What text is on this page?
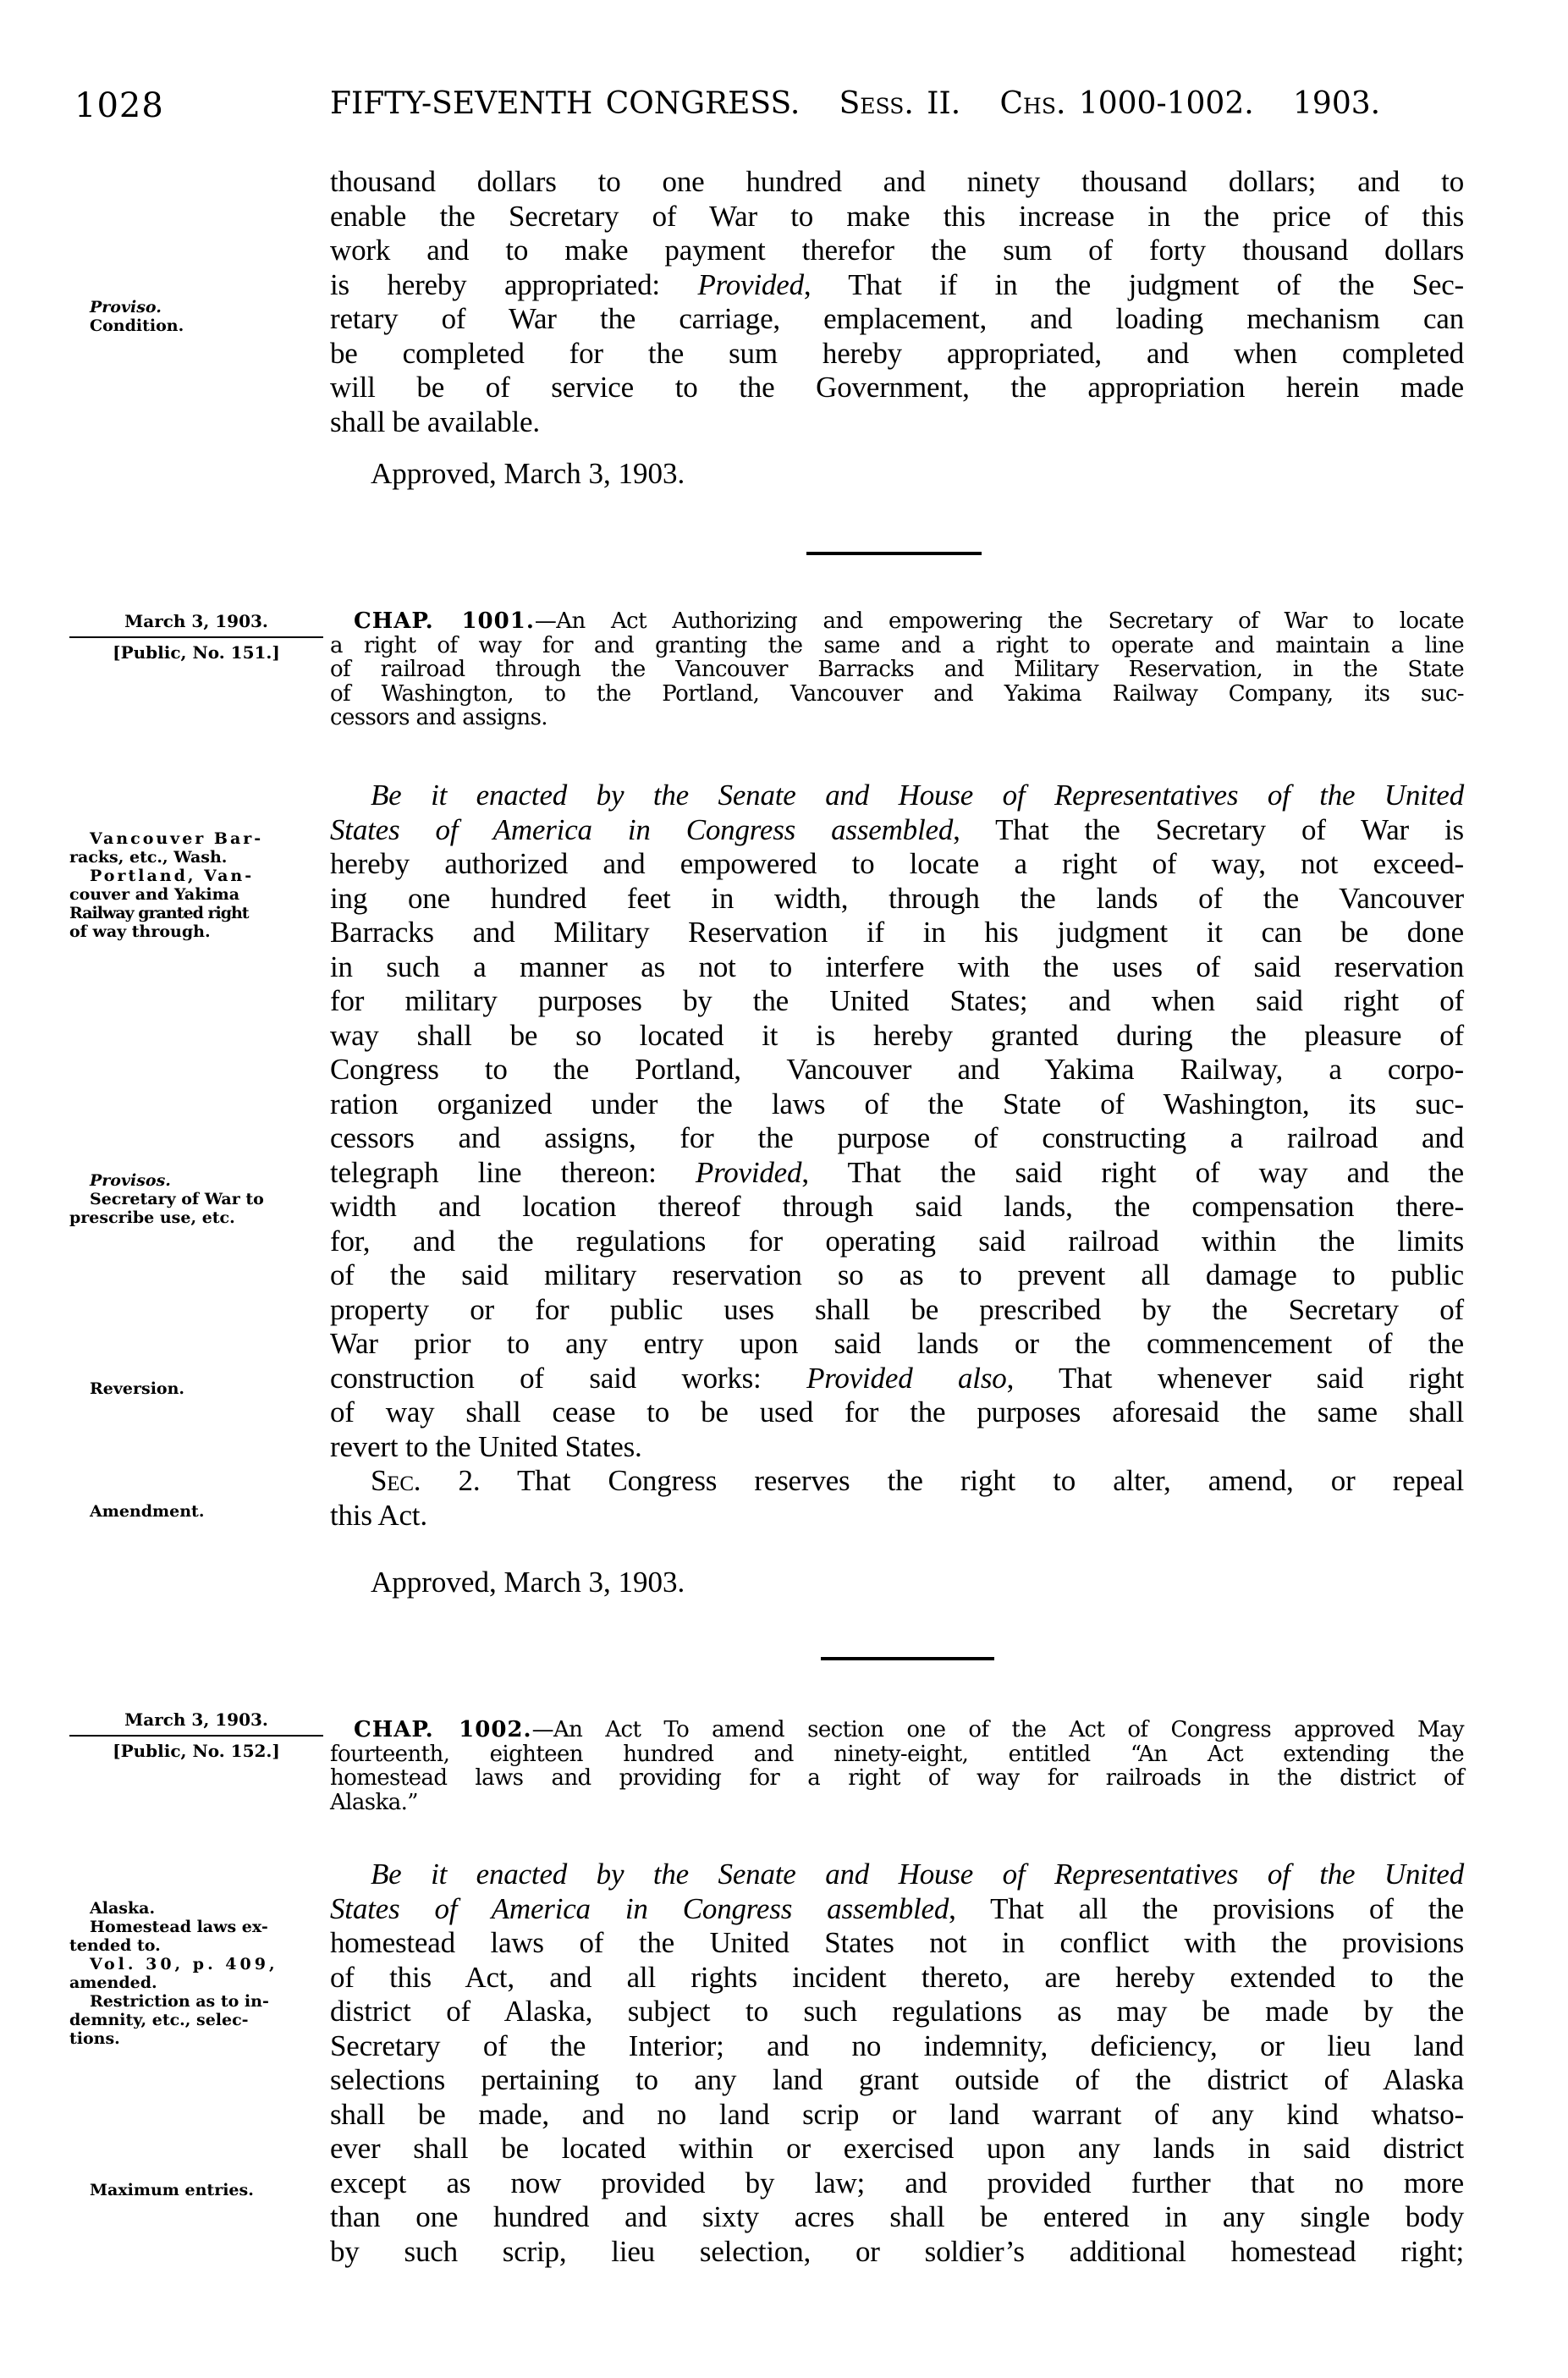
1028	FIFTY-SEVENTH CONGRESS. Sess. II. Chs. 1000-1002. 1903.
thousand dollars to one hundred and ninety thousand dollars; and to
enable the Secretary of War to make this increase in the price of this
work and to make payment therefor the sum of forty thousand dollars
is hereby appropriated: Provided, That if in the judgment of the Sec-
retary of War the carriage, emplacement, and loading mechanism can
be completed for the sum hereby appropriated, and when completed
will be of service to the Government, the appropriation herein made
shall be available.
Proviso.
Condition.
Approved, March 3, 1903.
March 3, 1903.
[Public, No. 151.]
CHAP. 1001.—An Act Authorizing and empowering the Secretary of War to locate
a right of way for and granting the same and a right to operate and maintain a line
of railroad through the Vancouver Barracks and Military Reservation, in the State
of Washington, to the Portland, Vancouver and Yakima Railway Company, its suc-
cessors and assigns.
Be it enacted by the Senate and House of Representatives of the United
States of America in Congress assembled, That the Secretary of War is
hereby authorized and empowered to locate a right of way, not exceed-
ing one hundred feet in width, through the lands of the Vancouver
Barracks and Military Reservation if in his judgment it can be done
in such a manner as not to interfere with the uses of said reservation
for military purposes by the United States; and when said right of
way shall be so located it is hereby granted during the pleasure of
Congress to the Portland, Vancouver and Yakima Railway, a corpo-
ration organized under the laws of the State of Washington, its suc-
cessors and assigns, for the purpose of constructing a railroad and
telegraph line thereon: Provided, That the said right of way and the
width and location thereof through said lands, the compensation there-
for, and the regulations for operating said railroad within the limits
of the said military reservation so as to prevent all damage to public
property or for public uses shall be prescribed by the Secretary of
War prior to any entry upon said lands or the commencement of the
construction of said works: Provided also, That whenever said right
of way shall cease to be used for the purposes aforesaid the same shall
revert to the United States.
Sec. 2. That Congress reserves the right to alter, amend, or repeal
this Act.
Approved, March 3, 1903.
Vancouver Bar-
racks, etc., Wash.
Portland, Van-
couver and Yakima
Railway granted right
of way through.
Provisos.
Secretary of War to
prescribe use, etc.
Reversion.
Amendment.
March 3, 1903.
[Public, No. 152.]
CHAP. 1002.—An Act To amend section one of the Act of Congress approved May
fourteenth, eighteen hundred and ninety-eight, entitled “An Act extending the
homestead laws and providing for a right of way for railroads in the district of
Alaska.”
Be it enacted by the Senate and House of Representatives of the United
States of America in Congress assembled, That all the provisions of the
homestead laws of the United States not in conflict with the provisions
of this Act, and all rights incident thereto, are hereby extended to the
district of Alaska, subject to such regulations as may be made by the
Secretary of the Interior; and no indemnity, deficiency, or lieu land
selections pertaining to any land grant outside of the district of Alaska
shall be made, and no land scrip or land warrant of any kind whatso-
ever shall be located within or exercised upon any lands in said district
except as now provided by law; and provided further that no more
than one hundred and sixty acres shall be entered in any single body
by such scrip, lieu selection, or soldier’s additional homestead right;
Alaska.
Homestead laws ex-
tended to.
Vol. 30, p. 409,
amended.
Restriction as to in-
demnity, etc., selec-
tions.
Maximum entries.
